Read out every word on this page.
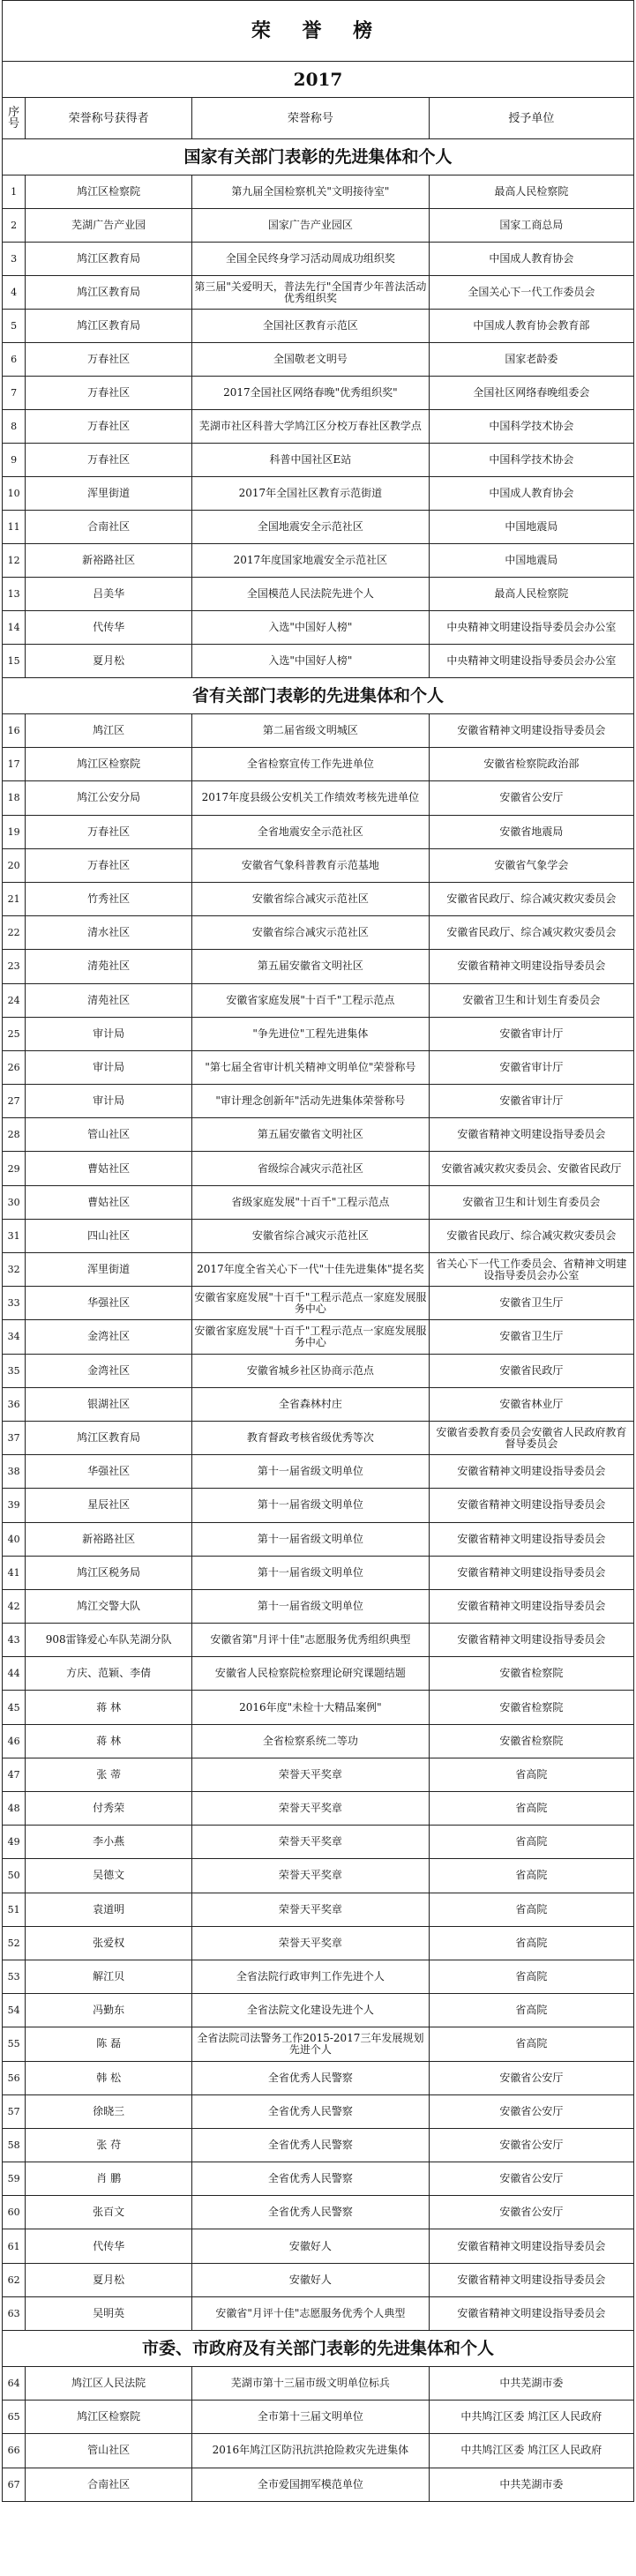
荣 誉 榜			
2017			
序号	荣誉称号获得者	荣誉称号	授予单位
国家有关部门表彰的先进集体和个人			
1	鸠江区检察院	第九届全国检察机关"文明接待室"	最高人民检察院
2	芜湖广告产业园	国家广告产业园区	国家工商总局
3	鸠江区教育局	全国全民终身学习活动周成功组织奖	中国成人教育协会
4	鸠江区教育局	第三届"关爱明天，普法先行"全国青少年普法活动优秀组织奖	全国关心下一代工作委员会
5	鸠江区教育局	全国社区教育示范区	中国成人教育协会教育部
6	万春社区	全国敬老文明号	国家老龄委
7	万春社区	2017全国社区网络春晚"优秀组织奖"	全国社区网络春晚组委会
8	万春社区	芜湖市社区科普大学鸠江区分校万春社区教学点	中国科学技术协会
9	万春社区	科普中国社区E站	中国科学技术协会
10	浑里街道	2017年全国社区教育示范街道	中国成人教育协会
11	合南社区	全国地震安全示范社区	中国地震局
12	新裕路社区	2017年度国家地震安全示范社区	中国地震局
13	吕美华	全国模范人民法院先进个人	最高人民检察院
14	代传华	入选"中国好人榜"	中央精神文明建设指导委员会办公室
15	夏月松	入选"中国好人榜"	中央精神文明建设指导委员会办公室
省有关部门表彰的先进集体和个人			
16	鸠江区	第二届省级文明城区	安徽省精神文明建设指导委员会
17	鸠江区检察院	全省检察宣传工作先进单位	安徽省检察院政治部
18	鸠江公安分局	2017年度县级公安机关工作绩效考核先进单位	安徽省公安厅
19	万春社区	全省地震安全示范社区	安徽省地震局
20	万春社区	安徽省气象科普教育示范基地	安徽省气象学会
21	竹秀社区	安徽省综合减灾示范社区	安徽省民政厅、综合减灾救灾委员会
22	清水社区	安徽省综合减灾示范社区	安徽省民政厅、综合减灾救灾委员会
23	清苑社区	第五届安徽省文明社区	安徽省精神文明建设指导委员会
24	清苑社区	安徽省家庭发展"十百千"工程示范点	安徽省卫生和计划生育委员会
25	审计局	"争先进位"工程先进集体	安徽省审计厅
26	审计局	"第七届全省审计机关精神文明单位"荣誉称号	安徽省审计厅
27	审计局	"审计理念创新年"活动先进集体荣誉称号	安徽省审计厅
28	管山社区	第五届安徽省文明社区	安徽省精神文明建设指导委员会
29	曹姑社区	省级综合减灾示范社区	安徽省减灾救灾委员会、安徽省民政厅
30	曹姑社区	省级家庭发展"十百千"工程示范点	安徽省卫生和计划生育委员会
31	四山社区	安徽省综合减灾示范社区	安徽省民政厅、综合减灾救灾委员会
32	浑里街道	2017年度全省关心下一代"十佳先进集体"提名奖	省关心下一代工作委员会、省精神文明建设指导委员会办公室
33	华强社区	安徽省家庭发展"十百千"工程示范点一家庭发展服务中心	安徽省卫生厅
34	金湾社区	安徽省家庭发展"十百千"工程示范点一家庭发展服务中心	安徽省卫生厅
35	金湾社区	安徽省城乡社区协商示范点	安徽省民政厅
36	银湖社区	全省森林村庄	安徽省林业厅
37	鸠江区教育局	教育督政考核省级优秀等次	安徽省委教育委员会安徽省人民政府教育督导委员会
38	华强社区	第十一届省级文明单位	安徽省精神文明建设指导委员会
39	星辰社区	第十一届省级文明单位	安徽省精神文明建设指导委员会
40	新裕路社区	第十一届省级文明单位	安徽省精神文明建设指导委员会
41	鸠江区税务局	第十一届省级文明单位	安徽省精神文明建设指导委员会
42	鸠江交警大队	第十一届省级文明单位	安徽省精神文明建设指导委员会
43	908雷锋爱心车队芜湖分队	安徽省第"月评十佳"志愿服务优秀组织典型	安徽省精神文明建设指导委员会
44	方庆、范颖、李倩	安徽省人民检察院检察理论研究课题结题	安徽省检察院
45	蒋 林	2016年度"未检十大精品案例"	安徽省检察院
46	蒋 林	全省检察系统二等功	安徽省检察院
47	张 蒂	荣誉天平奖章	省高院
48	付秀荣	荣誉天平奖章	省高院
49	李小燕	荣誉天平奖章	省高院
50	吴德文	荣誉天平奖章	省高院
51	袁道明	荣誉天平奖章	省高院
52	张爱权	荣誉天平奖章	省高院
53	解江贝	全省法院行政审判工作先进个人	省高院
54	冯勤东	全省法院文化建设先进个人	省高院
55	陈 磊	全省法院司法警务工作2015-2017三年发展规划先进个人	省高院
56	韩 松	全省优秀人民警察	安徽省公安厅
57	徐晓三	全省优秀人民警察	安徽省公安厅
58	张 苻	全省优秀人民警察	安徽省公安厅
59	肖 鹏	全省优秀人民警察	安徽省公安厅
60	张百文	全省优秀人民警察	安徽省公安厅
61	代传华	安徽好人	安徽省精神文明建设指导委员会
62	夏月松	安徽好人	安徽省精神文明建设指导委员会
63	吴明英	安徽省"月评十佳"志愿服务优秀个人典型	安徽省精神文明建设指导委员会
市委、市政府及有关部门表彰的先进集体和个人			
64	鸠江区人民法院	芜湖市第十三届市级文明单位标兵	中共芜湖市委
65	鸠江区检察院	全市第十三届文明单位	中共鸠江区委 鸠江区人民政府
66	管山社区	2016年鸠江区防汛抗洪抢险救灾先进集体	中共鸠江区委 鸠江区人民政府
67	合南社区	全市爱国拥军模范单位	中共芜湖市委
